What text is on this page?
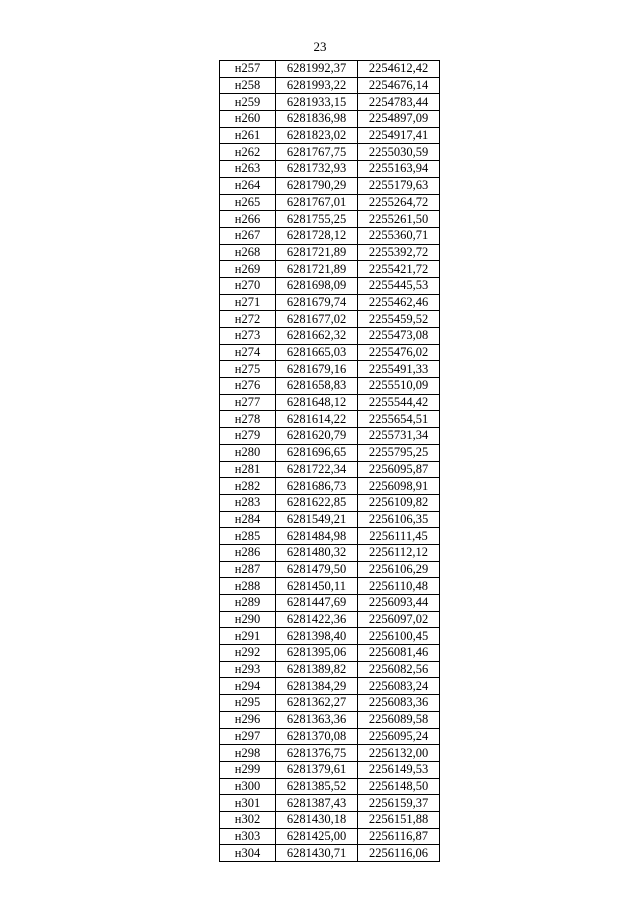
23
н257	6281992,37	2254612,42
н258	6281993,22	2254676,14
н259	6281933,15	2254783,44
н260	6281836,98	2254897,09
н261	6281823,02	2254917,41
н262	6281767,75	2255030,59
н263	6281732,93	2255163,94
н264	6281790,29	2255179,63
н265	6281767,01	2255264,72
н266	6281755,25	2255261,50
н267	6281728,12	2255360,71
н268	6281721,89	2255392,72
н269	6281721,89	2255421,72
н270	6281698,09	2255445,53
н271	6281679,74	2255462,46
н272	6281677,02	2255459,52
н273	6281662,32	2255473,08
н274	6281665,03	2255476,02
н275	6281679,16	2255491,33
н276	6281658,83	2255510,09
н277	6281648,12	2255544,42
н278	6281614,22	2255654,51
н279	6281620,79	2255731,34
н280	6281696,65	2255795,25
н281	6281722,34	2256095,87
н282	6281686,73	2256098,91
н283	6281622,85	2256109,82
н284	6281549,21	2256106,35
н285	6281484,98	2256111,45
н286	6281480,32	2256112,12
н287	6281479,50	2256106,29
н288	6281450,11	2256110,48
н289	6281447,69	2256093,44
н290	6281422,36	2256097,02
н291	6281398,40	2256100,45
н292	6281395,06	2256081,46
н293	6281389,82	2256082,56
н294	6281384,29	2256083,24
н295	6281362,27	2256083,36
н296	6281363,36	2256089,58
н297	6281370,08	2256095,24
н298	6281376,75	2256132,00
н299	6281379,61	2256149,53
н300	6281385,52	2256148,50
н301	6281387,43	2256159,37
н302	6281430,18	2256151,88
н303	6281425,00	2256116,87
н304	6281430,71	2256116,06
